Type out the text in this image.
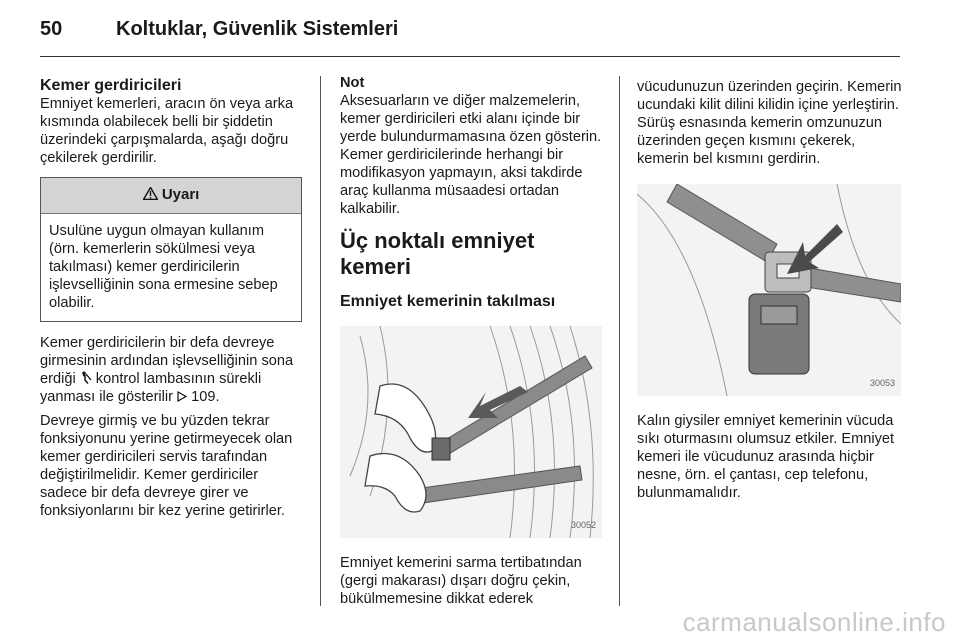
50	Koltuklar, Güvenlik Sistemleri

Kemer gerdiricileri

Emniyet kemerleri, aracın ön veya arka kısmında olabilecek belli bir şiddetin üzerindeki çarpışmalarda, aşağı doğru çekilerek gerdirilir.

Uyarı
Usulüne uygun olmayan kullanım (örn. kemerlerin sökülmesi veya takılması) kemer gerdiricilerin işlevselliğinin sona ermesine sebep olabilir.

Kemer gerdiricilerin bir defa devreye girmesinin ardından işlevselliğinin sona erdiği  kontrol lambasının sürekli yanması ile gösterilir  109.

Devreye girmiş ve bu yüzden tekrar fonksiyonunu yerine getirmeyecek olan kemer gerdiricileri servis tarafından değiştirilmelidir. Kemer gerdiriciler sadece bir defa devreye girer ve fonksiyonlarını bir kez yerine getirirler.

Not

Aksesuarların ve diğer malzemelerin, kemer gerdiricileri etki alanı içinde bir yerde bulundurmamasına özen gösterin. Kemer gerdiricilerinde herhangi bir modifikasyon yapmayın, aksi takdirde araç kullanma müsaadesi ortadan kalkabilir.

Üç noktalı emniyet kemeri

Emniyet kemerinin takılması

30052

Emniyet kemerini sarma tertibatından (gergi makarası) dışarı doğru çekin, bükülmemesine dikkat ederek

vücudunuzun üzerinden geçirin. Kemerin ucundaki kilit dilini kilidin içine yerleştirin. Sürüş esnasında kemerin omzunuzun üzerinden geçen kısmını çekerek, kemerin bel kısmını gerdirin.

30053

Kalın giysiler emniyet kemerinin vücuda sıkı oturmasını olumsuz etkiler. Emniyet kemeri ile vücudunuz arasında hiçbir nesne, örn. el çantası, cep telefonu, bulunmamalıdır.

carmanualsonline.info
